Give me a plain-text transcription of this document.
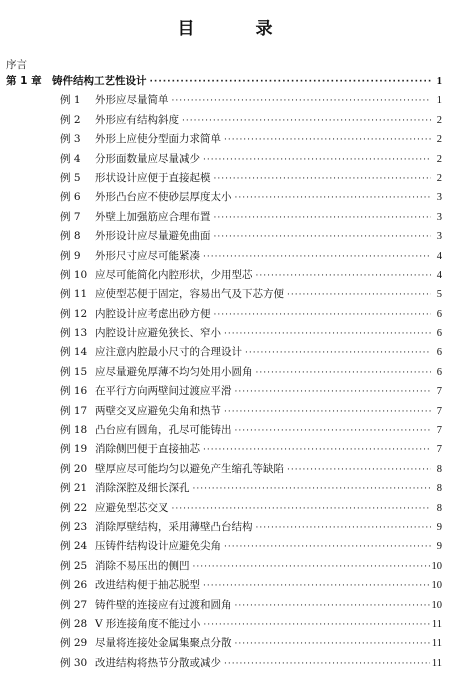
目　录
序言
第 1 章 铸件结构工艺性设计 ·····	1
例 1	外形应尽量简单 ·····	1
例 2	外形应有结构斜度 ·····	2
例 3	外形上应使分型面力求简单 ·····	2
例 4	分形面数量应尽量减少 ·····	2
例 5	形状设计应便于直接起模 ·····	2
例 6	外形凸台应不使砂层厚度太小 ·····	3
例 7	外壁上加强筋应合理布置 ·····	3
例 8	外形设计应尽量避免曲面 ·····	3
例 9	外形尺寸应尽可能紧凑 ·····	4
例 10 应尽可能简化内腔形状，少用型芯 ·····	4
例 11 应使型芯便于固定，容易出气及下芯方便 ·····	5
例 12 内腔设计应考虑出砂方便 ·····	6
例 13 内腔设计应避免狭长、窄小 ·····	6
例 14 应注意内腔最小尺寸的合理设计 ·····	6
例 15 应尽量避免厚薄不均匀处用小圆角 ·····	6
例 16 在平行方向两壁间过渡应平滑 ·····	7
例 17 两壁交叉应避免尖角和热节 ·····	7
例 18 凸台应有圆角，孔尽可能铸出 ·····	7
例 19 消除侧凹便于直接抽芯 ·····	7
例 20 壁厚应尽可能均匀以避免产生缩孔等缺陷 ·····	8
例 21 消除深腔及细长深孔 ·····	8
例 22 应避免型芯交叉 ·····	8
例 23 消除厚壁结构，采用薄壁凸台结构 ·····	9
例 24 压铸件结构设计应避免尖角 ·····	9
例 25 消除不易压出的侧凹 ·····	10
例 26 改进结构便于抽芯脱型 ·····	10
例 27 铸件壁的连接应有过渡和圆角 ·····	10
例 28 V 形连接角度不能过小 ·····	11
例 29 尽量将连接处金属集聚点分散 ·····	11
例 30 改进结构将热节分散或减少 ·····	11
